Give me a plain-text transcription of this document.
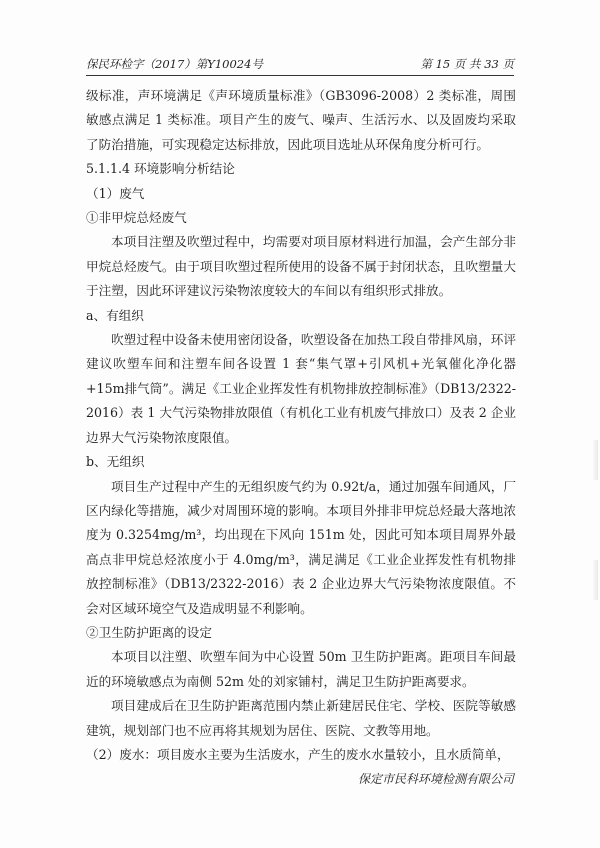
保民环检字（2017）第Y10024号	第 15 页 共 33 页

级标准，声环境满足《声环境质量标准》（GB3096-2008）2 类标准，周围敏感点满足 1 类标准。项目产生的废气、噪声、生活污水、以及固废均采取了防治措施，可实现稳定达标排放，因此项目选址从环保角度分析可行。

5.1.1.4 环境影响分析结论

（1）废气

①非甲烷总烃废气

本项目注塑及吹塑过程中，均需要对项目原材料进行加温，会产生部分非甲烷总烃废气。由于项目吹塑过程所使用的设备不属于封闭状态，且吹塑量大于注塑，因此环评建议污染物浓度较大的车间以有组织形式排放。

a、有组织

吹塑过程中设备未使用密闭设备，吹塑设备在加热工段自带排风扇，环评建议吹塑车间和注塑车间各设置 1 套“集气罩+引风机+光氧催化净化器+15m排气筒”。满足《工业企业挥发性有机物排放控制标准》（DB13/2322-2016）表 1 大气污染物排放限值（有机化工业有机废气排放口）及表 2 企业边界大气污染物浓度限值。

b、无组织

项目生产过程中产生的无组织废气约为 0.92t/a，通过加强车间通风，厂区内绿化等措施，减少对周围环境的影响。本项目外排非甲烷总烃最大落地浓度为 0.3254mg/m³，均出现在下风向 151m 处，因此可知本项目周界外最高点非甲烷总烃浓度小于 4.0mg/m³，满足满足《工业企业挥发性有机物排放控制标准》（DB13/2322-2016）表 2 企业边界大气污染物浓度限值。不会对区域环境空气及造成明显不利影响。

②卫生防护距离的设定

本项目以注塑、吹塑车间为中心设置 50m 卫生防护距离。距项目车间最近的环境敏感点为南侧 52m 处的刘家铺村，满足卫生防护距离要求。

项目建成后在卫生防护距离范围内禁止新建居民住宅、学校、医院等敏感建筑，规划部门也不应再将其规划为居住、医院、文教等用地。

（2）废水：项目废水主要为生活废水，产生的废水水量较小，且水质简单，

保定市民科环境检测有限公司
